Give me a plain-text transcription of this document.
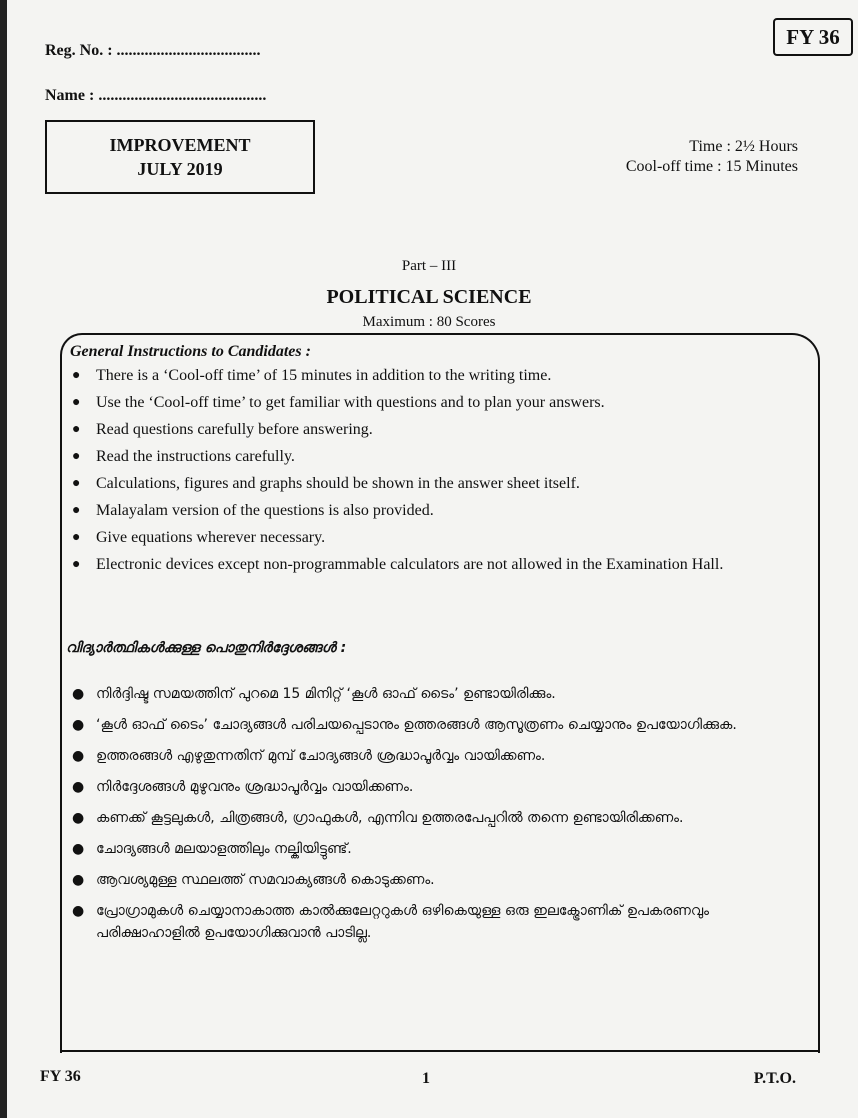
Reg. No. : ....................................
Name : ..........................................
FY 36
IMPROVEMENT
JULY 2019
Time : 2½ Hours
Cool-off time : 15 Minutes
Part – III
POLITICAL SCIENCE
Maximum : 80 Scores
General Instructions to Candidates :
● There is a ‘Cool-off time’ of 15 minutes in addition to the writing time.
● Use the ‘Cool-off time’ to get familiar with questions and to plan your answers.
● Read questions carefully before answering.
● Read the instructions carefully.
● Calculations, figures and graphs should be shown in the answer sheet itself.
● Malayalam version of the questions is also provided.
● Give equations wherever necessary.
● Electronic devices except non-programmable calculators are not allowed in the Examination Hall.
വിദ്യാർത്ഥികൾക്കുള്ള പൊതുനിർദ്ദേശങ്ങൾ :
● നിർദ്ദിഷ്ട സമയത്തിന് പുറമെ 15 മിനിറ്റ് ‘കൂൾ ഓഫ് ടൈം’ ഉണ്ടായിരിക്കും.
● ‘കൂൾ ഓഫ് ടൈം’ ചോദ്യങ്ങൾ പരിചയപ്പെടാനും ഉത്തരങ്ങൾ ആസൂത്രണം ചെയ്യാനും ഉപയോഗിക്കുക.
● ഉത്തരങ്ങൾ എഴുതുന്നതിന് മുമ്പ് ചോദ്യങ്ങൾ ശ്രദ്ധാപൂർവ്വം വായിക്കണം.
● നിർദ്ദേശങ്ങൾ മുഴുവനും ശ്രദ്ധാപൂർവ്വം വായിക്കണം.
● കണക്ക് കൂട്ടലുകൾ, ചിത്രങ്ങൾ, ഗ്രാഫുകൾ, എന്നിവ ഉത്തരപേപ്പറിൽ തന്നെ ഉണ്ടായിരിക്കണം.
● ചോദ്യങ്ങൾ മലയാളത്തിലും നല്കിയിട്ടുണ്ട്.
● ആവശ്യമുള്ള സ്ഥലത്ത് സമവാക്യങ്ങൾ കൊടുക്കണം.
● പ്രോഗ്രാമുകൾ ചെയ്യാനാകാത്ത കാൽക്കുലേറ്ററുകൾ ഒഴികെയുള്ള ഒരു ഇലക്ട്രോണിക് ഉപകരണവും പരിക്ഷാഹാളിൽ ഉപയോഗിക്കുവാൻ പാടില്ല.
FY 36	1	P.T.O.
